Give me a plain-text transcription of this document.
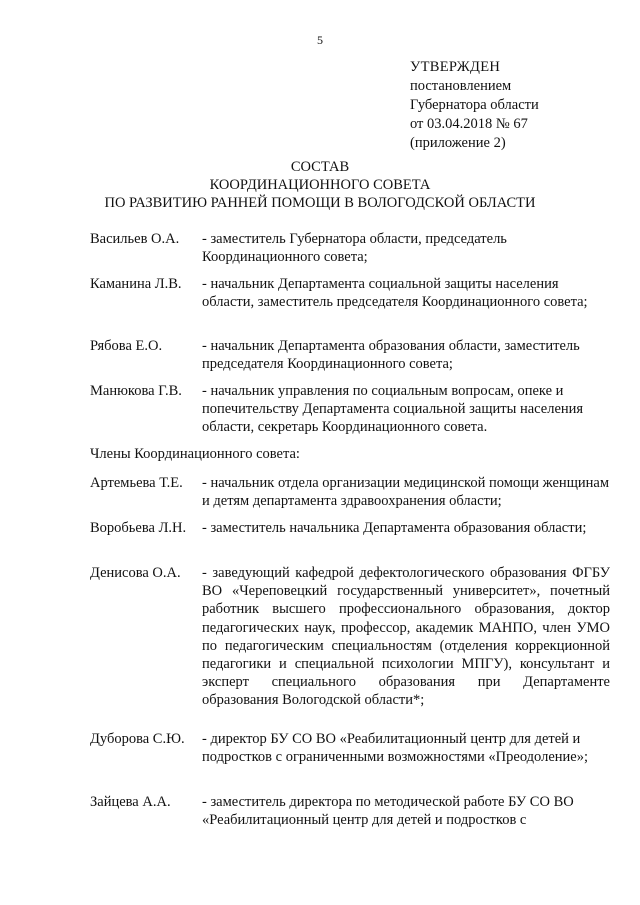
5
УТВЕРЖДЕН
постановлением
Губернатора области
от 03.04.2018 № 67
(приложение 2)
СОСТАВ
КООРДИНАЦИОННОГО СОВЕТА
ПО РАЗВИТИЮ РАННЕЙ ПОМОЩИ В ВОЛОГОДСКОЙ ОБЛАСТИ
Васильев О.А.	- заместитель Губернатора области, председатель Координационного совета;
Каманина Л.В.	- начальник Департамента социальной защиты населения области, заместитель председателя Координационного совета;
Рябова Е.О.	- начальник Департамента образования области, заместитель председателя Координационного совета;
Манюкова Г.В.	- начальник управления по социальным вопросам, опеке и попечительству Департамента социальной защиты населения области, секретарь Координационного совета.
Члены Координационного совета:
Артемьева Т.Е.	- начальник отдела организации медицинской помощи женщинам и детям департамента здравоохранения области;
Воробьева Л.Н.	- заместитель начальника Департамента образования области;
Денисова О.А.	- заведующий кафедрой дефектологического образования ФГБУ ВО «Череповецкий государственный университет», почетный работник высшего профессионального образования, доктор педагогических наук, профессор, академик МАНПО, член УМО по педагогическим специальностям (отделения коррекционной педагогики и специальной психологии МПГУ), консультант и эксперт специального образования при Департаменте образования Вологодской области*;
Дуборова С.Ю.	- директор БУ СО ВО «Реабилитационный центр для детей и подростков с ограниченными возможностями «Преодоление»;
Зайцева А.А.	- заместитель директора по методической работе БУ СО ВО «Реабилитационный центр для детей и подростков с
